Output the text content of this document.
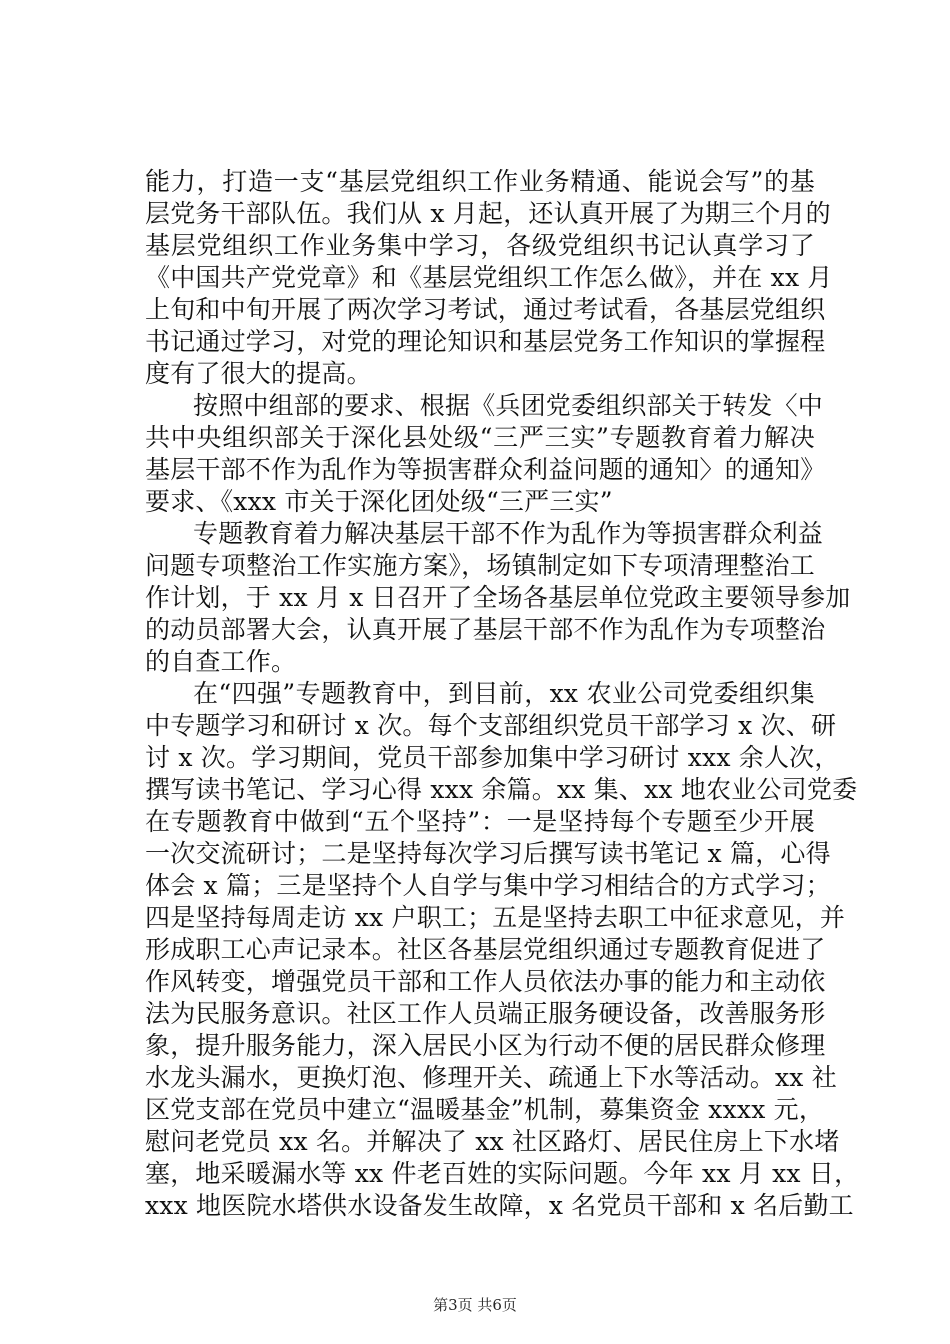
能力，打造一支“基层党组织工作业务精通、能说会写”的基
层党务干部队伍。我们从 x 月起，还认真开展了为期三个月的
基层党组织工作业务集中学习，各级党组织书记认真学习了
《中国共产党党章》和《基层党组织工作怎么做》，并在 xx 月
上旬和中旬开展了两次学习考试，通过考试看，各基层党组织
书记通过学习，对党的理论知识和基层党务工作知识的掌握程
度有了很大的提高。
按照中组部的要求、根据《兵团党委组织部关于转发〈中
共中央组织部关于深化县处级“三严三实”专题教育着力解决
基层干部不作为乱作为等损害群众利益问题的通知〉的通知》
要求、《xxx 市关于深化团处级“三严三实”
专题教育着力解决基层干部不作为乱作为等损害群众利益
问题专项整治工作实施方案》，场镇制定如下专项清理整治工
作计划，于 xx 月 x 日召开了全场各基层单位党政主要领导参加
的动员部署大会，认真开展了基层干部不作为乱作为专项整治
的自查工作。
在“四强”专题教育中，到目前，xx 农业公司党委组织集
中专题学习和研讨 x 次。每个支部组织党员干部学习 x 次、研
讨 x 次。学习期间，党员干部参加集中学习研讨 xxx 余人次，
撰写读书笔记、学习心得 xxx 余篇。xx 集、xx 地农业公司党委
在专题教育中做到“五个坚持”：一是坚持每个专题至少开展
一次交流研讨；二是坚持每次学习后撰写读书笔记 x 篇，心得
体会 x 篇；三是坚持个人自学与集中学习相结合的方式学习；
四是坚持每周走访 xx 户职工；五是坚持去职工中征求意见，并
形成职工心声记录本。社区各基层党组织通过专题教育促进了
作风转变，增强党员干部和工作人员依法办事的能力和主动依
法为民服务意识。社区工作人员端正服务硬设备，改善服务形
象，提升服务能力，深入居民小区为行动不便的居民群众修理
水龙头漏水，更换灯泡、修理开关、疏通上下水等活动。xx 社
区党支部在党员中建立“温暖基金”机制，募集资金 xxxx 元，
慰问老党员 xx 名。并解决了 xx 社区路灯、居民住房上下水堵
塞，地采暖漏水等 xx 件老百姓的实际问题。今年 xx 月 xx 日，
xxx 地医院水塔供水设备发生故障，x 名党员干部和 x 名后勤工
第3页 共6页
